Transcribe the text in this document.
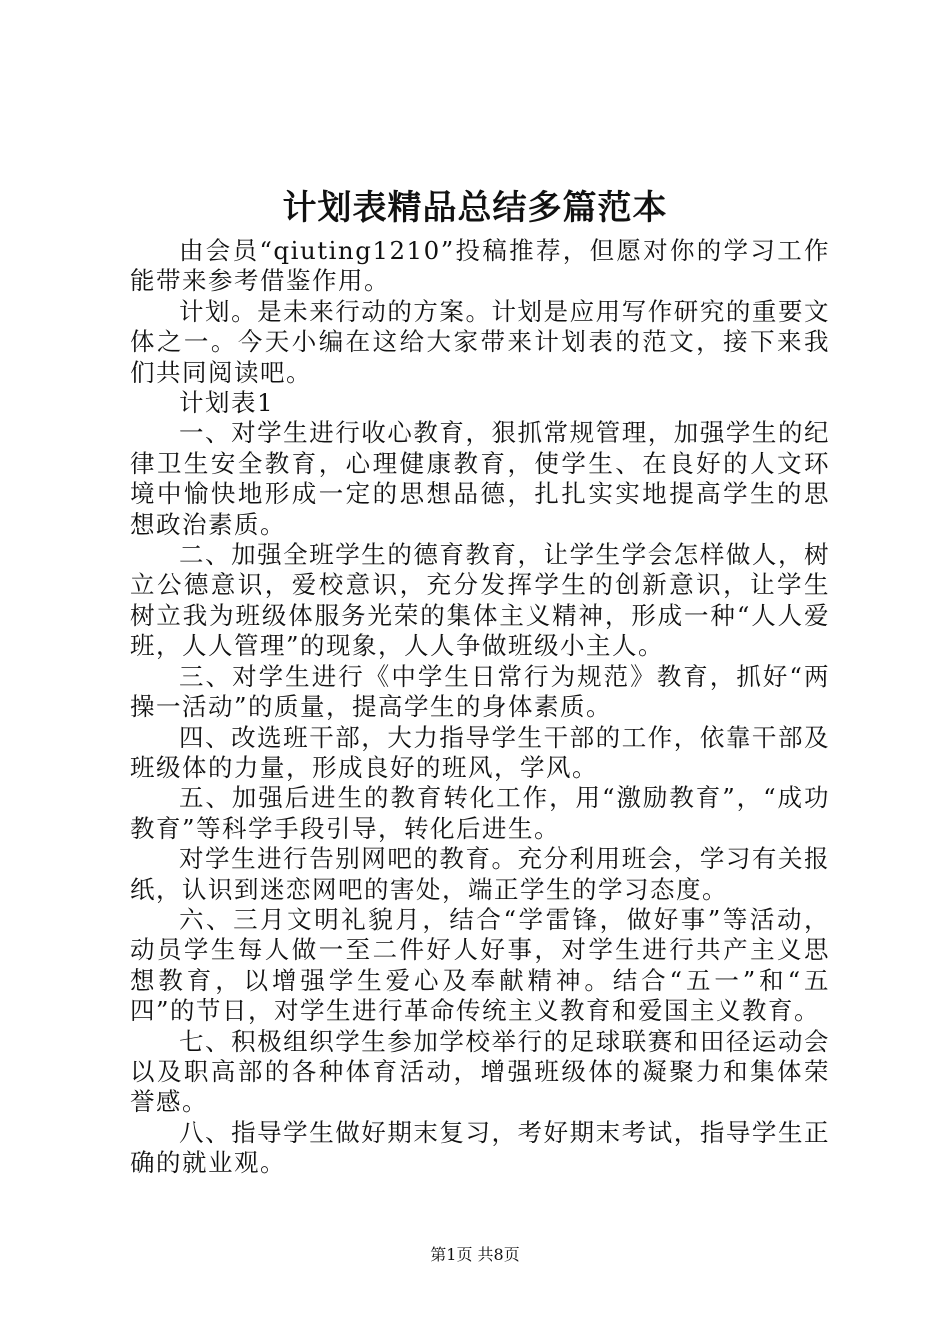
计划表精品总结多篇范本

由会员“qiuting1210”投稿推荐，但愿对你的学习工作能带来参考借鉴作用。

计划。是未来行动的方案。计划是应用写作研究的重要文体之一。今天小编在这给大家带来计划表的范文，接下来我们共同阅读吧。

计划表1

一、对学生进行收心教育，狠抓常规管理，加强学生的纪律卫生安全教育，心理健康教育，使学生、在良好的人文环境中愉快地形成一定的思想品德，扎扎实实地提高学生的思想政治素质。

二、加强全班学生的德育教育，让学生学会怎样做人，树立公德意识，爱校意识，充分发挥学生的创新意识，让学生树立我为班级体服务光荣的集体主义精神，形成一种“人人爱班，人人管理”的现象，人人争做班级小主人。

三、对学生进行《中学生日常行为规范》教育，抓好“两操一活动”的质量，提高学生的身体素质。

四、改选班干部，大力指导学生干部的工作，依靠干部及班级体的力量，形成良好的班风，学风。

五、加强后进生的教育转化工作，用“激励教育”，“成功教育”等科学手段引导，转化后进生。

对学生进行告别网吧的教育。充分利用班会，学习有关报纸，认识到迷恋网吧的害处，端正学生的学习态度。

六、三月文明礼貌月，结合“学雷锋，做好事”等活动，动员学生每人做一至二件好人好事，对学生进行共产主义思想教育，以增强学生爱心及奉献精神。结合“五一”和“五四”的节日，对学生进行革命传统主义教育和爱国主义教育。

七、积极组织学生参加学校举行的足球联赛和田径运动会以及职高部的各种体育活动，增强班级体的凝聚力和集体荣誉感。

八、指导学生做好期末复习，考好期末考试，指导学生正确的就业观。

第1页 共8页
